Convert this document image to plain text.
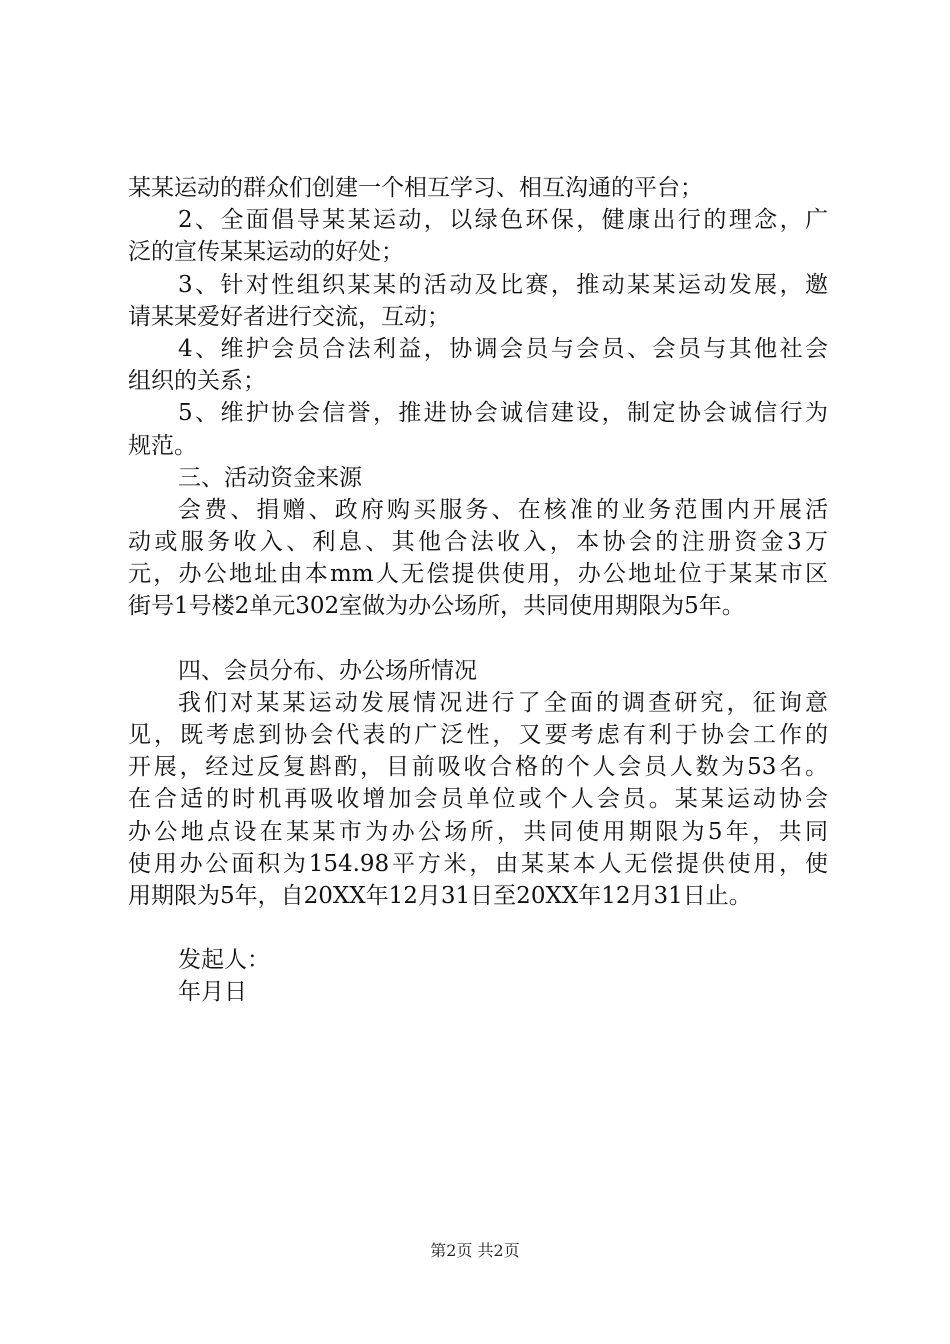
某某运动的群众们创建一个相互学习、相互沟通的平台；
2、全面倡导某某运动，以绿色环保，健康出行的理念，广
泛的宣传某某运动的好处；
3、针对性组织某某的活动及比赛，推动某某运动发展，邀
请某某爱好者进行交流，互动；
4、维护会员合法利益，协调会员与会员、会员与其他社会
组织的关系；
5、维护协会信誉，推进协会诚信建设，制定协会诚信行为
规范。
三、活动资金来源
会费、捐赠、政府购买服务、在核准的业务范围内开展活
动或服务收入、利息、其他合法收入，本协会的注册资金3万
元，办公地址由本mm人无偿提供使用，办公地址位于某某市区
街号1号楼2单元302室做为办公场所，共同使用期限为5年。
四、会员分布、办公场所情况
我们对某某运动发展情况进行了全面的调查研究，征询意
见，既考虑到协会代表的广泛性，又要考虑有利于协会工作的
开展，经过反复斟酌，目前吸收合格的个人会员人数为53名。
在合适的时机再吸收增加会员单位或个人会员。某某运动协会
办公地点设在某某市为办公场所，共同使用期限为5年，共同
使用办公面积为154.98平方米，由某某本人无偿提供使用，使
用期限为5年，自20XX年12月31日至20XX年12月31日止。
发起人：
年月日
第2页 共2页
